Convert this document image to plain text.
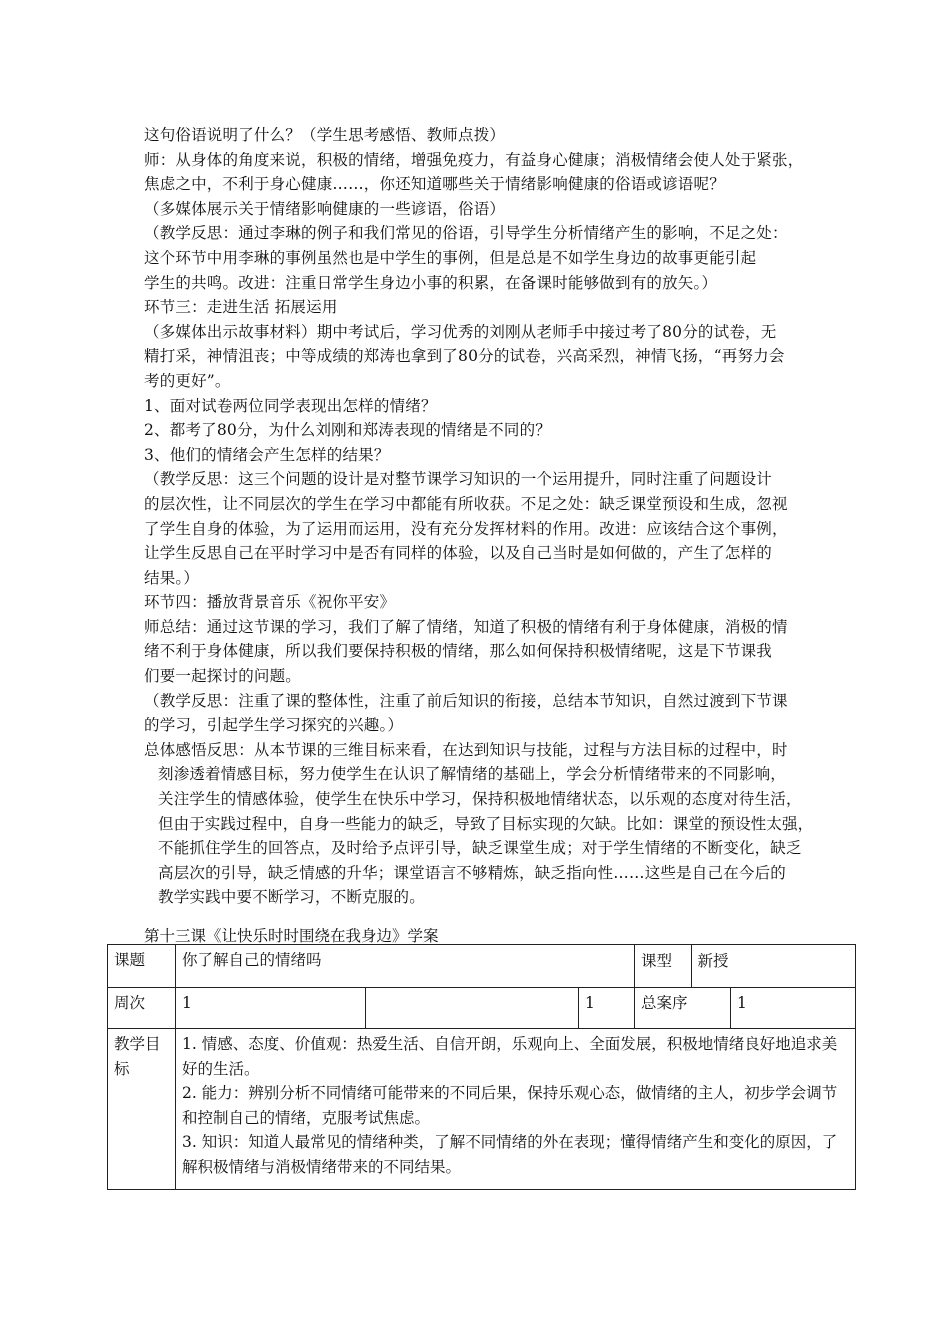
这句俗语说明了什么？（学生思考感悟、教师点拨）
师：从身体的角度来说，积极的情绪，增强免疫力，有益身心健康；消极情绪会使人处于紧张，
焦虑之中，不利于身心健康……，你还知道哪些关于情绪影响健康的俗语或谚语呢？
（多媒体展示关于情绪影响健康的一些谚语，俗语）
（教学反思：通过李琳的例子和我们常见的俗语，引导学生分析情绪产生的影响，不足之处：
这个环节中用李琳的事例虽然也是中学生的事例，但是总是不如学生身边的故事更能引起
学生的共鸣。改进：注重日常学生身边小事的积累，在备课时能够做到有的放矢。）
环节三：走进生活 拓展运用
（多媒体出示故事材料）期中考试后，学习优秀的刘刚从老师手中接过考了80分的试卷，无
精打采，神情沮丧；中等成绩的郑涛也拿到了80分的试卷，兴高采烈，神情飞扬，“再努力会
考的更好”。
1、面对试卷两位同学表现出怎样的情绪？
2、都考了80分，为什么刘刚和郑涛表现的情绪是不同的？
3、他们的情绪会产生怎样的结果？
（教学反思：这三个问题的设计是对整节课学习知识的一个运用提升，同时注重了问题设计
的层次性，让不同层次的学生在学习中都能有所收获。不足之处：缺乏课堂预设和生成，忽视
了学生自身的体验，为了运用而运用，没有充分发挥材料的作用。改进：应该结合这个事例，
让学生反思自己在平时学习中是否有同样的体验，以及自己当时是如何做的，产生了怎样的
结果。）
环节四：播放背景音乐《祝你平安》
师总结：通过这节课的学习，我们了解了情绪，知道了积极的情绪有利于身体健康，消极的情
绪不利于身体健康，所以我们要保持积极的情绪，那么如何保持积极情绪呢，这是下节课我
们要一起探讨的问题。
（教学反思：注重了课的整体性，注重了前后知识的衔接，总结本节知识，自然过渡到下节课
的学习，引起学生学习探究的兴趣。）
总体感悟反思：从本节课的三维目标来看，在达到知识与技能，过程与方法目标的过程中，时
刻渗透着情感目标，努力使学生在认识了解情绪的基础上，学会分析情绪带来的不同影响，
关注学生的情感体验，使学生在快乐中学习，保持积极地情绪状态，以乐观的态度对待生活，
但由于实践过程中，自身一些能力的缺乏，导致了目标实现的欠缺。比如：课堂的预设性太强，
不能抓住学生的回答点，及时给予点评引导，缺乏课堂生成；对于学生情绪的不断变化，缺乏
高层次的引导，缺乏情感的升华；课堂语言不够精炼，缺乏指向性……这些是自己在今后的
教学实践中要不断学习，不断克服的。
第十三课《让快乐时时围绕在我身边》学案
课题	你了解自己的情绪吗		课型	新授

周次	1		1	总案序	1
教学目标	
1. 情感、态度、价值观：热爱生活、自信开朗，乐观向上、全面发展，积极地情绪良好地追求美好的生活。
2. 能力：辨别分析不同情绪可能带来的不同后果，保持乐观心态，做情绪的主人，初步学会调节和控制自己的情绪，克服考试焦虑。
3. 知识：知道人最常见的情绪种类，了解不同情绪的外在表现；懂得情绪产生和变化的原因，了解积极情绪与消极情绪带来的不同结果。
